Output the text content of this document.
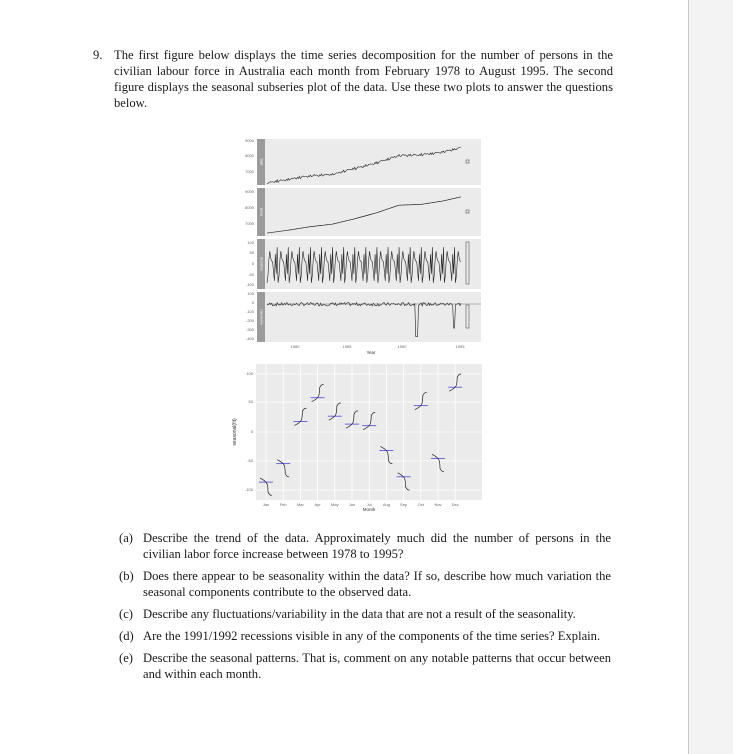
9. The first figure below displays the time series decomposition for the number of persons in the civilian labour force in Australia each month from February 1978 to August 1995. The second figure displays the seasonal subseries plot of the data. Use these two plots to answer the questions below.
data
trend
seasonal
remainder
9000
8000
7000
9000
8000
7000
100
50
0
-50
-100
100
0
-100
-200
-300
-400
1980	1985	1990	1995
Year
100
50
0
-50
-100
seasonal(fit)
Jan	Feb	Mar	Apr	May	Jun	Jul	Aug	Sep	Oct	Nov	Dec
Month
(a) Describe the trend of the data. Approximately much did the number of persons in the civilian labor force increase between 1978 to 1995?
(b) Does there appear to be seasonality within the data? If so, describe how much variation the seasonal components contribute to the observed data.
(c) Describe any fluctuations/variability in the data that are not a result of the seasonality.
(d) Are the 1991/1992 recessions visible in any of the components of the time series? Explain.
(e) Describe the seasonal patterns. That is, comment on any notable patterns that occur between and within each month.
